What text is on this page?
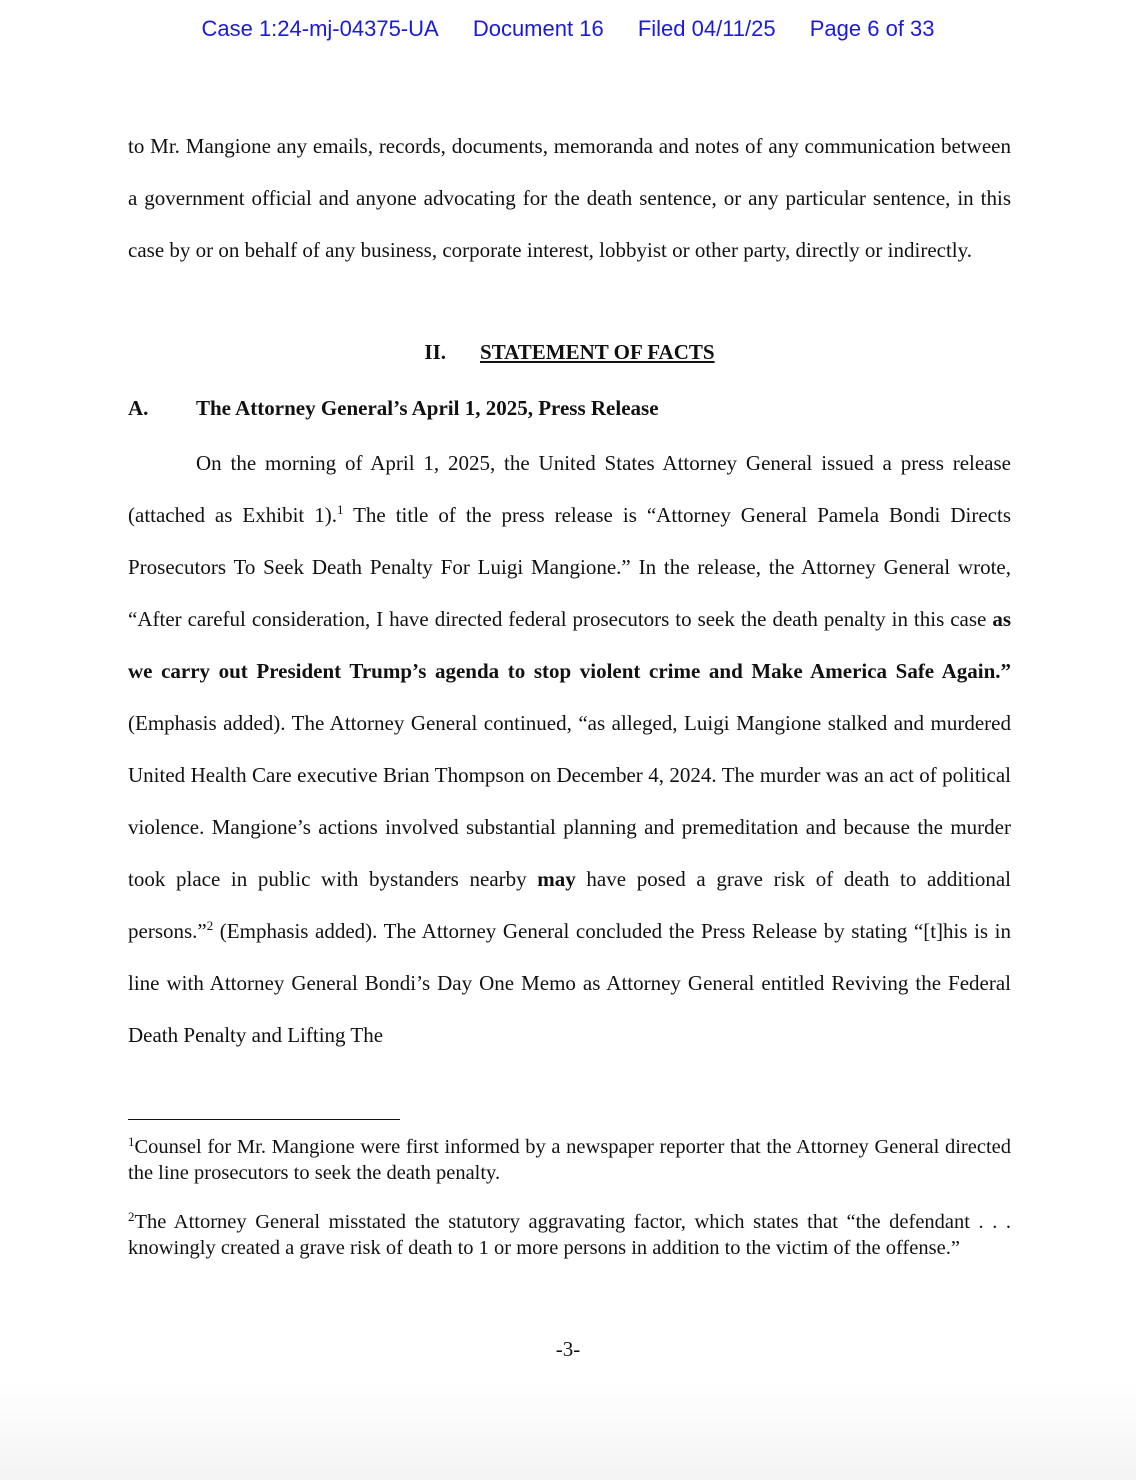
Case 1:24-mj-04375-UA Document 16 Filed 04/11/25 Page 6 of 33

to Mr. Mangione any emails, records, documents, memoranda and notes of any communication between a government official and anyone advocating for the death sentence, or any particular sentence, in this case by or on behalf of any business, corporate interest, lobbyist or other party, directly or indirectly.

II. STATEMENT OF FACTS
A. The Attorney General’s April 1, 2025, Press Release

On the morning of April 1, 2025, the United States Attorney General issued a press release (attached as Exhibit 1).$^1$ The title of the press release is “Attorney General Pamela Bondi Directs Prosecutors To Seek Death Penalty For Luigi Mangione.” In the release, the Attorney General wrote, “After careful consideration, I have directed federal prosecutors to seek the death penalty in this case as we carry out President Trump’s agenda to stop violent crime and Make America Safe Again.” (Emphasis added). The Attorney General continued, “as alleged, Luigi Mangione stalked and murdered United Health Care executive Brian Thompson on December 4, 2024. The murder was an act of political violence. Mangione’s actions involved substantial planning and premeditation and because the murder took place in public with bystanders nearby may have posed a grave risk of death to additional persons.”$^2$ (Emphasis added). The Attorney General concluded the Press Release by stating “[t]his is in line with Attorney General Bondi’s Day One Memo as Attorney General entitled Reviving the Federal Death Penalty and Lifting The

$^1$Counsel for Mr. Mangione were first informed by a newspaper reporter that the Attorney General directed the line prosecutors to seek the death penalty.
$^2$The Attorney General misstated the statutory aggravating factor, which states that “the defendant . . . knowingly created a grave risk of death to 1 or more persons in addition to the victim of the offense.”
-3-
